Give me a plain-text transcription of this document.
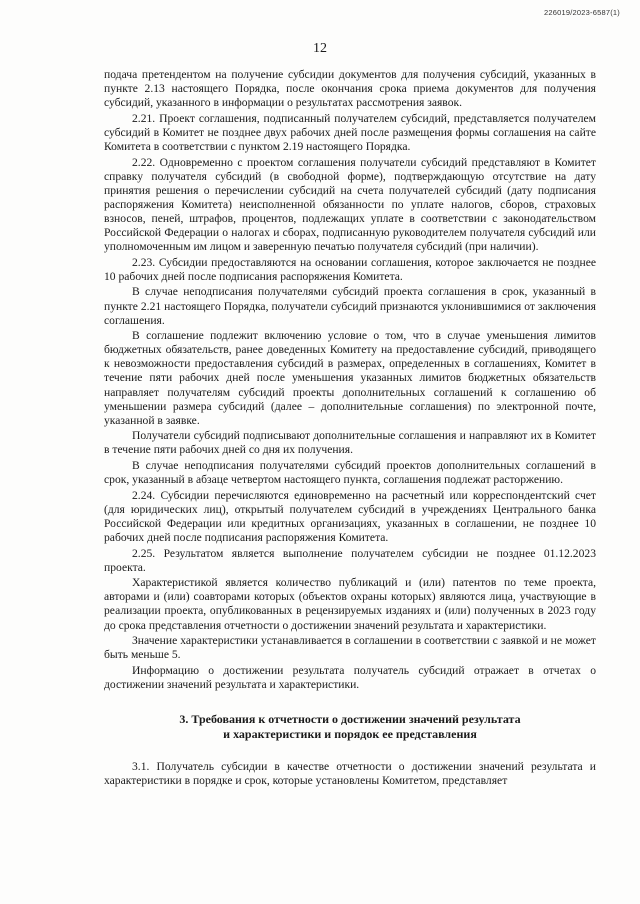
226019/2023-6587(1)
12

подача претендентом на получение субсидии документов для получения субсидий, указанных в пункте 2.13 настоящего Порядка, после окончания срока приема документов для получения субсидий, указанного в информации о результатах рассмотрения заявок.

2.21. Проект соглашения, подписанный получателем субсидий, представляется получателем субсидий в Комитет не позднее двух рабочих дней после размещения формы соглашения на сайте Комитета в соответствии с пунктом 2.19 настоящего Порядка.

2.22. Одновременно с проектом соглашения получатели субсидий представляют в Комитет справку получателя субсидий (в свободной форме), подтверждающую отсутствие на дату принятия решения о перечислении субсидий на счета получателей субсидий (дату подписания распоряжения Комитета) неисполненной обязанности по уплате налогов, сборов, страховых взносов, пеней, штрафов, процентов, подлежащих уплате в соответствии с законодательством Российской Федерации о налогах и сборах, подписанную руководителем получателя субсидий или уполномоченным им лицом и заверенную печатью получателя субсидий (при наличии).

2.23. Субсидии предоставляются на основании соглашения, которое заключается не позднее 10 рабочих дней после подписания распоряжения Комитета.

В случае неподписания получателями субсидий проекта соглашения в срок, указанный в пункте 2.21 настоящего Порядка, получатели субсидий признаются уклонившимися от заключения соглашения.

В соглашение подлежит включению условие о том, что в случае уменьшения лимитов бюджетных обязательств, ранее доведенных Комитету на предоставление субсидий, приводящего к невозможности предоставления субсидий в размерах, определенных в соглашениях, Комитет в течение пяти рабочих дней после уменьшения указанных лимитов бюджетных обязательств направляет получателям субсидий проекты дополнительных соглашений к соглашению об уменьшении размера субсидий (далее – дополнительные соглашения) по электронной почте, указанной в заявке.

Получатели субсидий подписывают дополнительные соглашения и направляют их в Комитет в течение пяти рабочих дней со дня их получения.

В случае неподписания получателями субсидий проектов дополнительных соглашений в срок, указанный в абзаце четвертом настоящего пункта, соглашения подлежат расторжению.

2.24. Субсидии перечисляются единовременно на расчетный или корреспондентский счет (для юридических лиц), открытый получателем субсидий в учреждениях Центрального банка Российской Федерации или кредитных организациях, указанных в соглашении, не позднее 10 рабочих дней после подписания распоряжения Комитета.

2.25. Результатом является выполнение получателем субсидии не позднее 01.12.2023 проекта.

Характеристикой является количество публикаций и (или) патентов по теме проекта, авторами и (или) соавторами которых (объектов охраны которых) являются лица, участвующие в реализации проекта, опубликованных в рецензируемых изданиях и (или) полученных в 2023 году до срока представления отчетности о достижении значений результата и характеристики.

Значение характеристики устанавливается в соглашении в соответствии с заявкой и не может быть меньше 5.

Информацию о достижении результата получатель субсидий отражает в отчетах о достижении значений результата и характеристики.

3. Требования к отчетности о достижении значений результата
и характеристики и порядок ее представления

3.1. Получатель субсидии в качестве отчетности о достижении значений результата и характеристики в порядке и срок, которые установлены Комитетом, представляет
